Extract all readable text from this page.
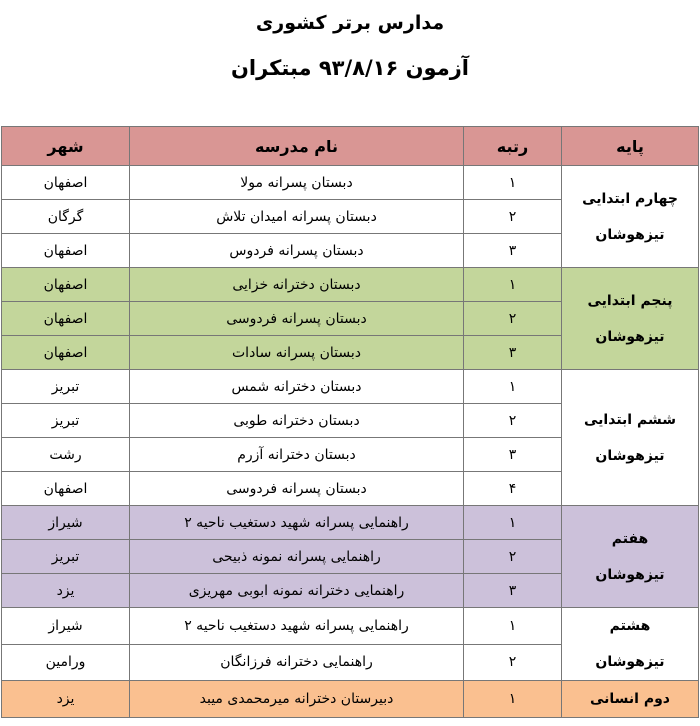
مدارس برتر کشوری
آزمون ۹۳/۸/۱۶ مبتکران
پایه	رتبه	نام مدرسه	شهر

چهارم ابتدایی
تیزهوشان	۱	دبستان پسرانه مولا	اصفهان
	۲	دبستان پسرانه امیدان تلاش	گرگان
	۳	دبستان پسرانه فردوس	اصفهان

پنجم ابتدایی
تیزهوشان	۱	دبستان دخترانه خزایی	اصفهان
	۲	دبستان پسرانه فردوسی	اصفهان
	۳	دبستان پسرانه سادات	اصفهان

ششم ابتدایی
تیزهوشان	۱	دبستان دخترانه شمس	تبریز
	۲	دبستان دخترانه طوبی	تبریز
	۳	دبستان دخترانه آزرم	رشت
	۴	دبستان پسرانه فردوسی	اصفهان

هفتم
تیزهوشان	۱	راهنمایی پسرانه شهید دستغیب ناحیه ۲	شیراز
	۲	راهنمایی پسرانه نمونه ذبیحی	تبریز
	۳	راهنمایی دخترانه نمونه ابوبی مهریزی	یزد

هشتم
تیزهوشان	۱	راهنمایی پسرانه شهید دستغیب ناحیه ۲	شیراز
	۲	راهنمایی دخترانه فرزانگان	ورامین

دوم انسانی	۱	دبیرستان دخترانه میرمحمدی میبد	یزد
